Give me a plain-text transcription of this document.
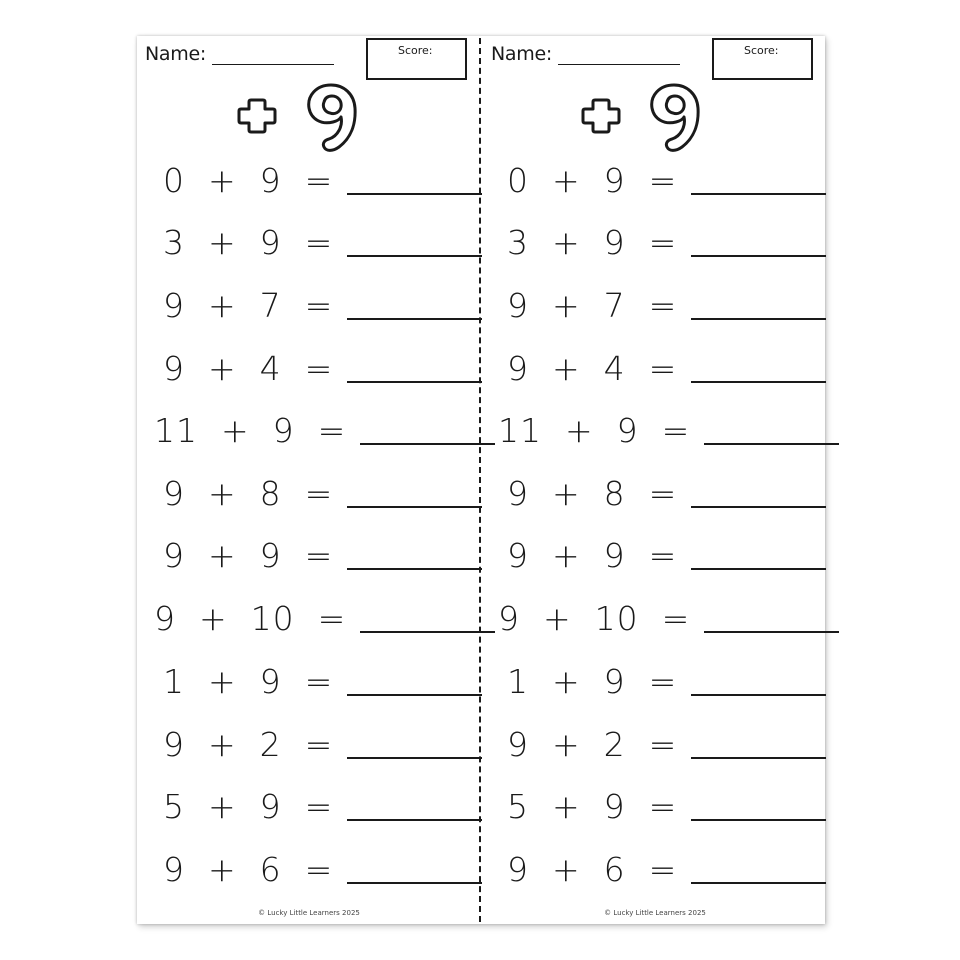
Name:	Score:
0  +  9  =
3  +  9  =
9  +  7  =
9  +  4  =
11  +  9  =
9  +  8  =
9  +  9  =
9  +  10  =
1  +  9  =
9  +  2  =
5  +  9  =
9  +  6  =
© Lucky Little Learners 2025
Name:	Score:
0  +  9  =
3  +  9  =
9  +  7  =
9  +  4  =
11  +  9  =
9  +  8  =
9  +  9  =
9  +  10  =
1  +  9  =
9  +  2  =
5  +  9  =
9  +  6  =
© Lucky Little Learners 2025
